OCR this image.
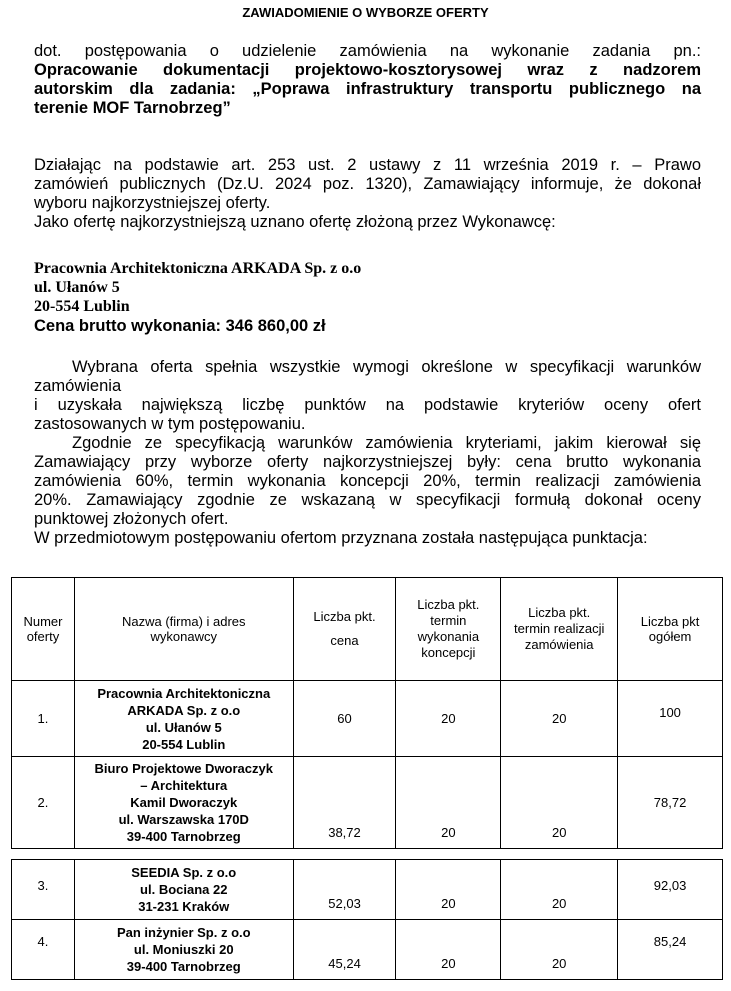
ZAWIADOMIENIE O WYBORZE OFERTY
dot. postępowania o udzielenie zamówienia na wykonanie zadania pn.:
Opracowanie dokumentacji projektowo-kosztorysowej wraz z nadzorem
autorskim dla zadania: „Poprawa infrastruktury transportu publicznego na
terenie MOF Tarnobrzeg”
Działając na podstawie art. 253 ust. 2 ustawy z 11 września 2019 r. – Prawo
zamówień publicznych (Dz.U. 2024 poz. 1320), Zamawiający informuje, że dokonał
wyboru najkorzystniejszej oferty.
Jako ofertę najkorzystniejszą uznano ofertę złożoną przez Wykonawcę:
Pracownia Architektoniczna ARKADA Sp. z o.o
ul. Ułanów 5
20-554 Lublin
Cena brutto wykonania: 346 860,00 zł
Wybrana oferta spełnia wszystkie wymogi określone w specyfikacji warunków
zamówienia
i uzyskała największą liczbę punktów na podstawie kryteriów oceny ofert
zastosowanych w tym postępowaniu.
Zgodnie ze specyfikacją warunków zamówienia kryteriami, jakim kierował się
Zamawiający przy wyborze oferty najkorzystniejszej były: cena brutto wykonania
zamówienia 60%, termin wykonania koncepcji 20%, termin realizacji zamówienia
20%. Zamawiający zgodnie ze wskazaną w specyfikacji formułą dokonał oceny
punktowej złożonych ofert.
W przedmiotowym postępowaniu ofertom przyznana została następująca punktacja:
Numer
oferty	Nazwa (firma) i adres
wykonawcy	Liczba pkt.
cena	Liczba pkt.
termin
wykonania
koncepcji	Liczba pkt.
termin realizacji
zamówienia	Liczba pkt
ogółem
1.	Pracownia Architektoniczna
ARKADA Sp. z o.o
ul. Ułanów 5
20-554 Lublin	60	20	20	100
2.	Biuro Projektowe Dworaczyk
– Architektura
Kamil Dworaczyk
ul. Warszawska 170D
39-400 Tarnobrzeg	38,72	20	20	78,72
3.	SEEDIA Sp. z o.o
ul. Bociana 22
31-231 Kraków	52,03	20	20	92,03
4.	Pan inżynier Sp. z o.o
ul. Moniuszki 20
39-400 Tarnobrzeg	45,24	20	20	85,24
